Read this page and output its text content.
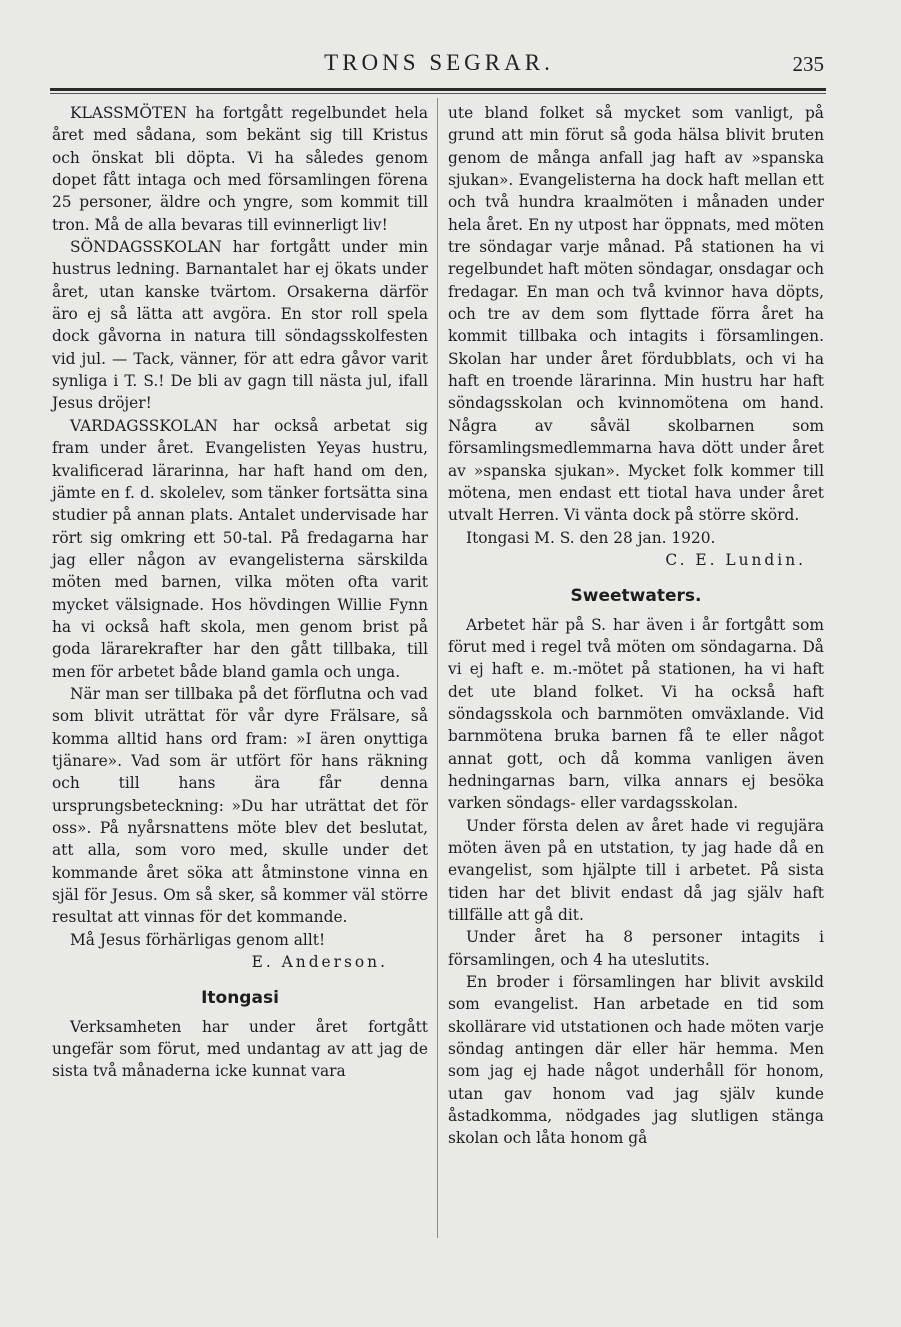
TRONS SEGRAR.	235

KLASSMÖTEN ha fortgått regelbundet hela året med sådana, som bekänt sig till Kristus och önskat bli döpta. Vi ha således genom dopet fått intaga och med församlingen förena 25 personer, äldre och yngre, som kommit till tron. Må de alla bevaras till evinnerligt liv!

SÖNDAGSSKOLAN har fortgått under min hustrus ledning. Barnantalet har ej ökats under året, utan kanske tvärtom. Orsakerna därför äro ej så lätta att avgöra. En stor roll spela dock gåvorna in natura till söndagsskolfesten vid jul. — Tack, vänner, för att edra gåvor varit synliga i T. S.! De bli av gagn till nästa jul, ifall Jesus dröjer!

VARDAGSSKOLAN har också arbetat sig fram under året. Evangelisten Yeyas hustru, kvalificerad lärarinna, har haft hand om den, jämte en f. d. skolelev, som tänker fortsätta sina studier på annan plats. Antalet undervisade har rört sig omkring ett 50-tal. På fredagarna har jag eller någon av evangelisterna särskilda möten med barnen, vilka möten ofta varit mycket välsignade. Hos hövdingen Willie Fynn ha vi också haft skola, men genom brist på goda lärarekrafter har den gått tillbaka, till men för arbetet både bland gamla och unga.

När man ser tillbaka på det förflutna och vad som blivit uträttat för vår dyre Frälsare, så komma alltid hans ord fram: »I ären onyttiga tjänare». Vad som är utfört för hans räkning och till hans ära får denna ursprungsbeteckning: »Du har uträttat det för oss». På nyårsnattens möte blev det beslutat, att alla, som voro med, skulle under det kommande året söka att åtminstone vinna en själ för Jesus. Om så sker, så kommer väl större resultat att vinnas för det kommande.

Må Jesus förhärligas genom allt!

E. Anderson.

Itongasi

Verksamheten har under året fortgått ungefär som förut, med undantag av att jag de sista två månaderna icke kunnat vara

ute bland folket så mycket som vanligt, på grund att min förut så goda hälsa blivit bruten genom de många anfall jag haft av »spanska sjukan». Evangelisterna ha dock haft mellan ett och två hundra kraalmöten i månaden under hela året. En ny utpost har öppnats, med möten tre söndagar varje månad. På stationen ha vi regelbundet haft möten söndagar, onsdagar och fredagar. En man och två kvinnor hava döpts, och tre av dem som flyttade förra året ha kommit tillbaka och intagits i församlingen. Skolan har under året fördubblats, och vi ha haft en troende lärarinna. Min hustru har haft söndagsskolan och kvinnomötena om hand. Några av såväl skolbarnen som församlingsmedlemmarna hava dött under året av »spanska sjukan». Mycket folk kommer till mötena, men endast ett tiotal hava under året utvalt Herren. Vi vänta dock på större skörd.

Itongasi M. S. den 28 jan. 1920.

C. E. Lundin.

Sweetwaters.

Arbetet här på S. har även i år fortgått som förut med i regel två möten om söndagarna. Då vi ej haft e. m.-mötet på stationen, ha vi haft det ute bland folket. Vi ha också haft söndagsskola och barnmöten omväxlande. Vid barnmötena bruka barnen få te eller något annat gott, och då komma vanligen även hedningarnas barn, vilka annars ej besöka varken söndags- eller vardagsskolan.

Under första delen av året hade vi regujära möten även på en utstation, ty jag hade då en evangelist, som hjälpte till i arbetet. På sista tiden har det blivit endast då jag själv haft tillfälle att gå dit.

Under året ha 8 personer intagits i församlingen, och 4 ha uteslutits.

En broder i församlingen har blivit avskild som evangelist. Han arbetade en tid som skollärare vid utstationen och hade möten varje söndag antingen där eller här hemma. Men som jag ej hade något underhåll för honom, utan gav honom vad jag själv kunde åstadkomma, nödgades jag slutligen stänga skolan och låta honom gå
